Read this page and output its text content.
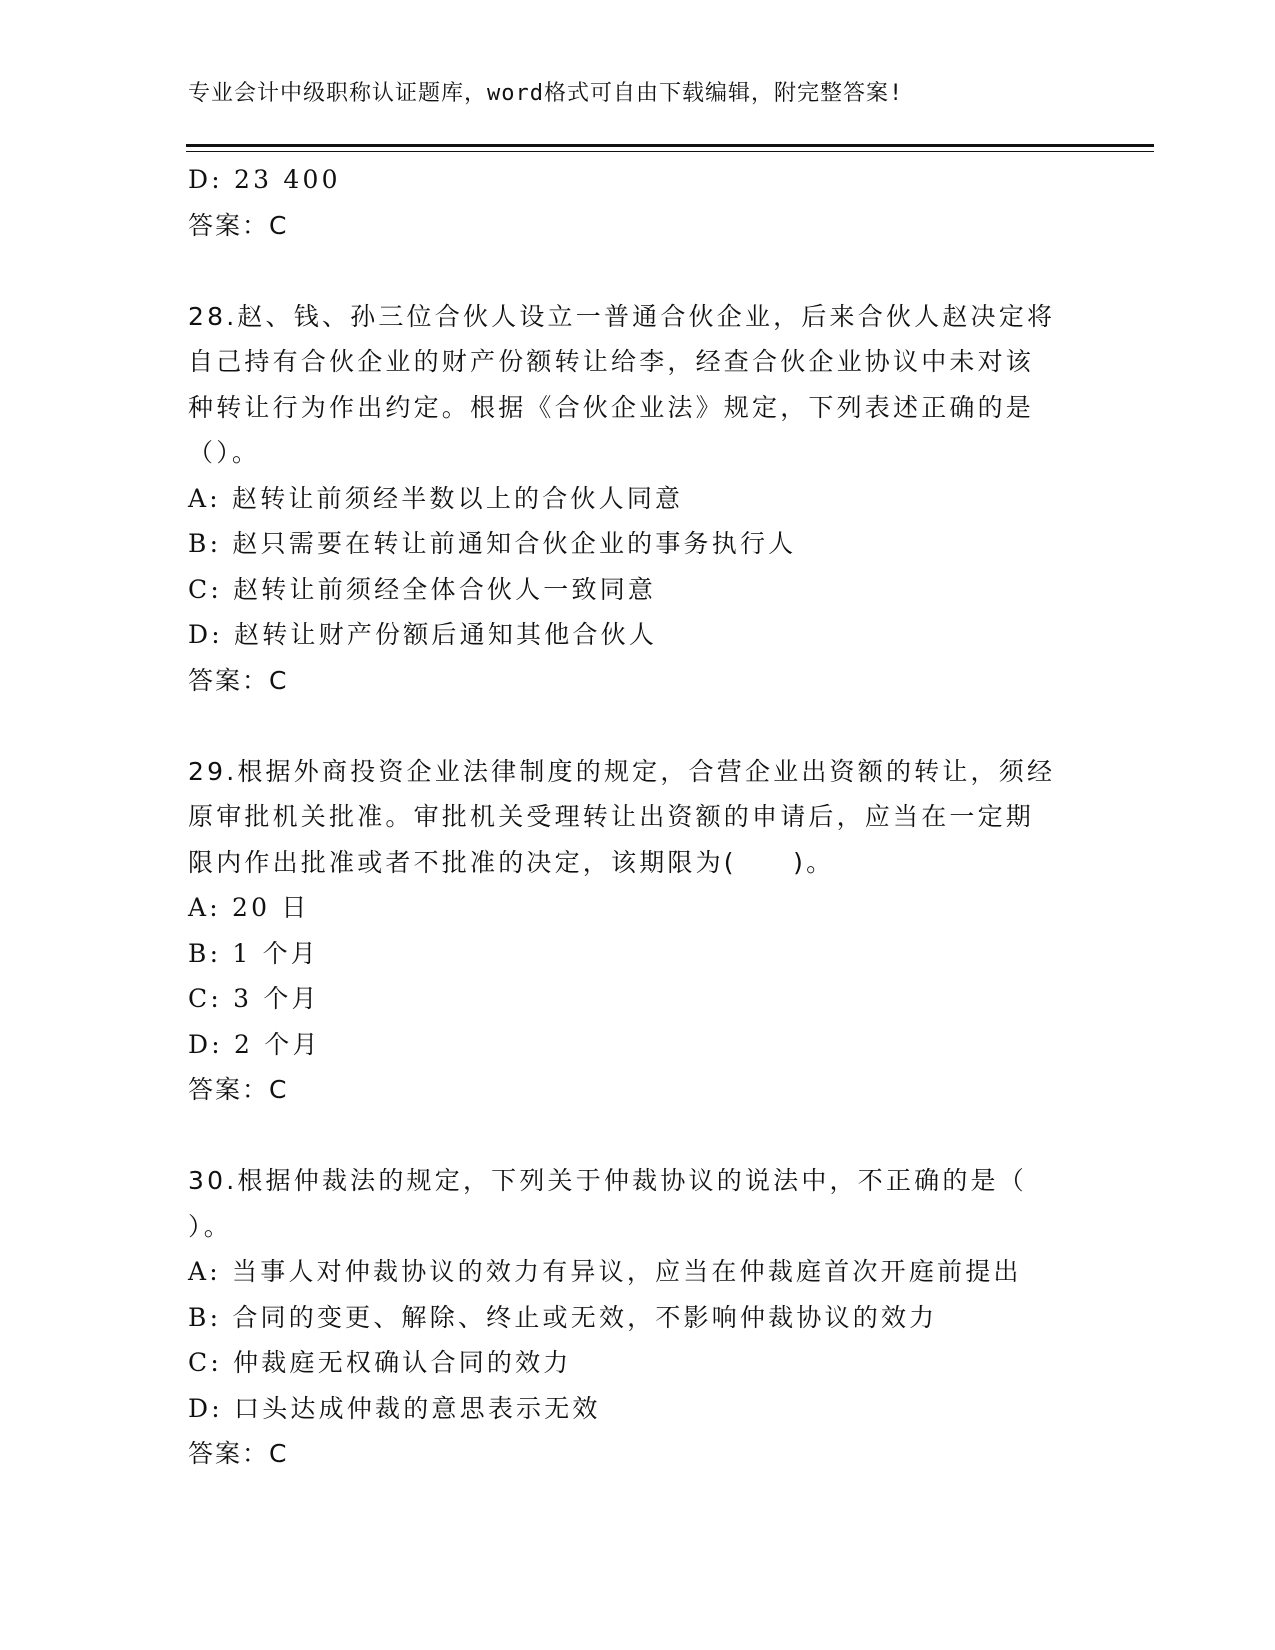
专业会计中级职称认证题库，word格式可自由下载编辑，附完整答案!
D: 23 400
答案：C
28.赵、钱、孙三位合伙人设立一普通合伙企业，后来合伙人赵决定将
自己持有合伙企业的财产份额转让给李，经查合伙企业协议中未对该
种转让行为作出约定。根据《合伙企业法》规定，下列表述正确的是
（）。
A: 赵转让前须经半数以上的合伙人同意
B: 赵只需要在转让前通知合伙企业的事务执行人
C: 赵转让前须经全体合伙人一致同意
D: 赵转让财产份额后通知其他合伙人
答案：C
29.根据外商投资企业法律制度的规定，合营企业出资额的转让，须经
原审批机关批准。审批机关受理转让出资额的申请后，应当在一定期
限内作出批准或者不批准的决定，该期限为(　　)。
A: 20 日
B: 1 个月
C: 3 个月
D: 2 个月
答案：C
30.根据仲裁法的规定，下列关于仲裁协议的说法中，不正确的是（
）。
A: 当事人对仲裁协议的效力有异议，应当在仲裁庭首次开庭前提出
B: 合同的变更、解除、终止或无效，不影响仲裁协议的效力
C: 仲裁庭无权确认合同的效力
D: 口头达成仲裁的意思表示无效
答案：C
